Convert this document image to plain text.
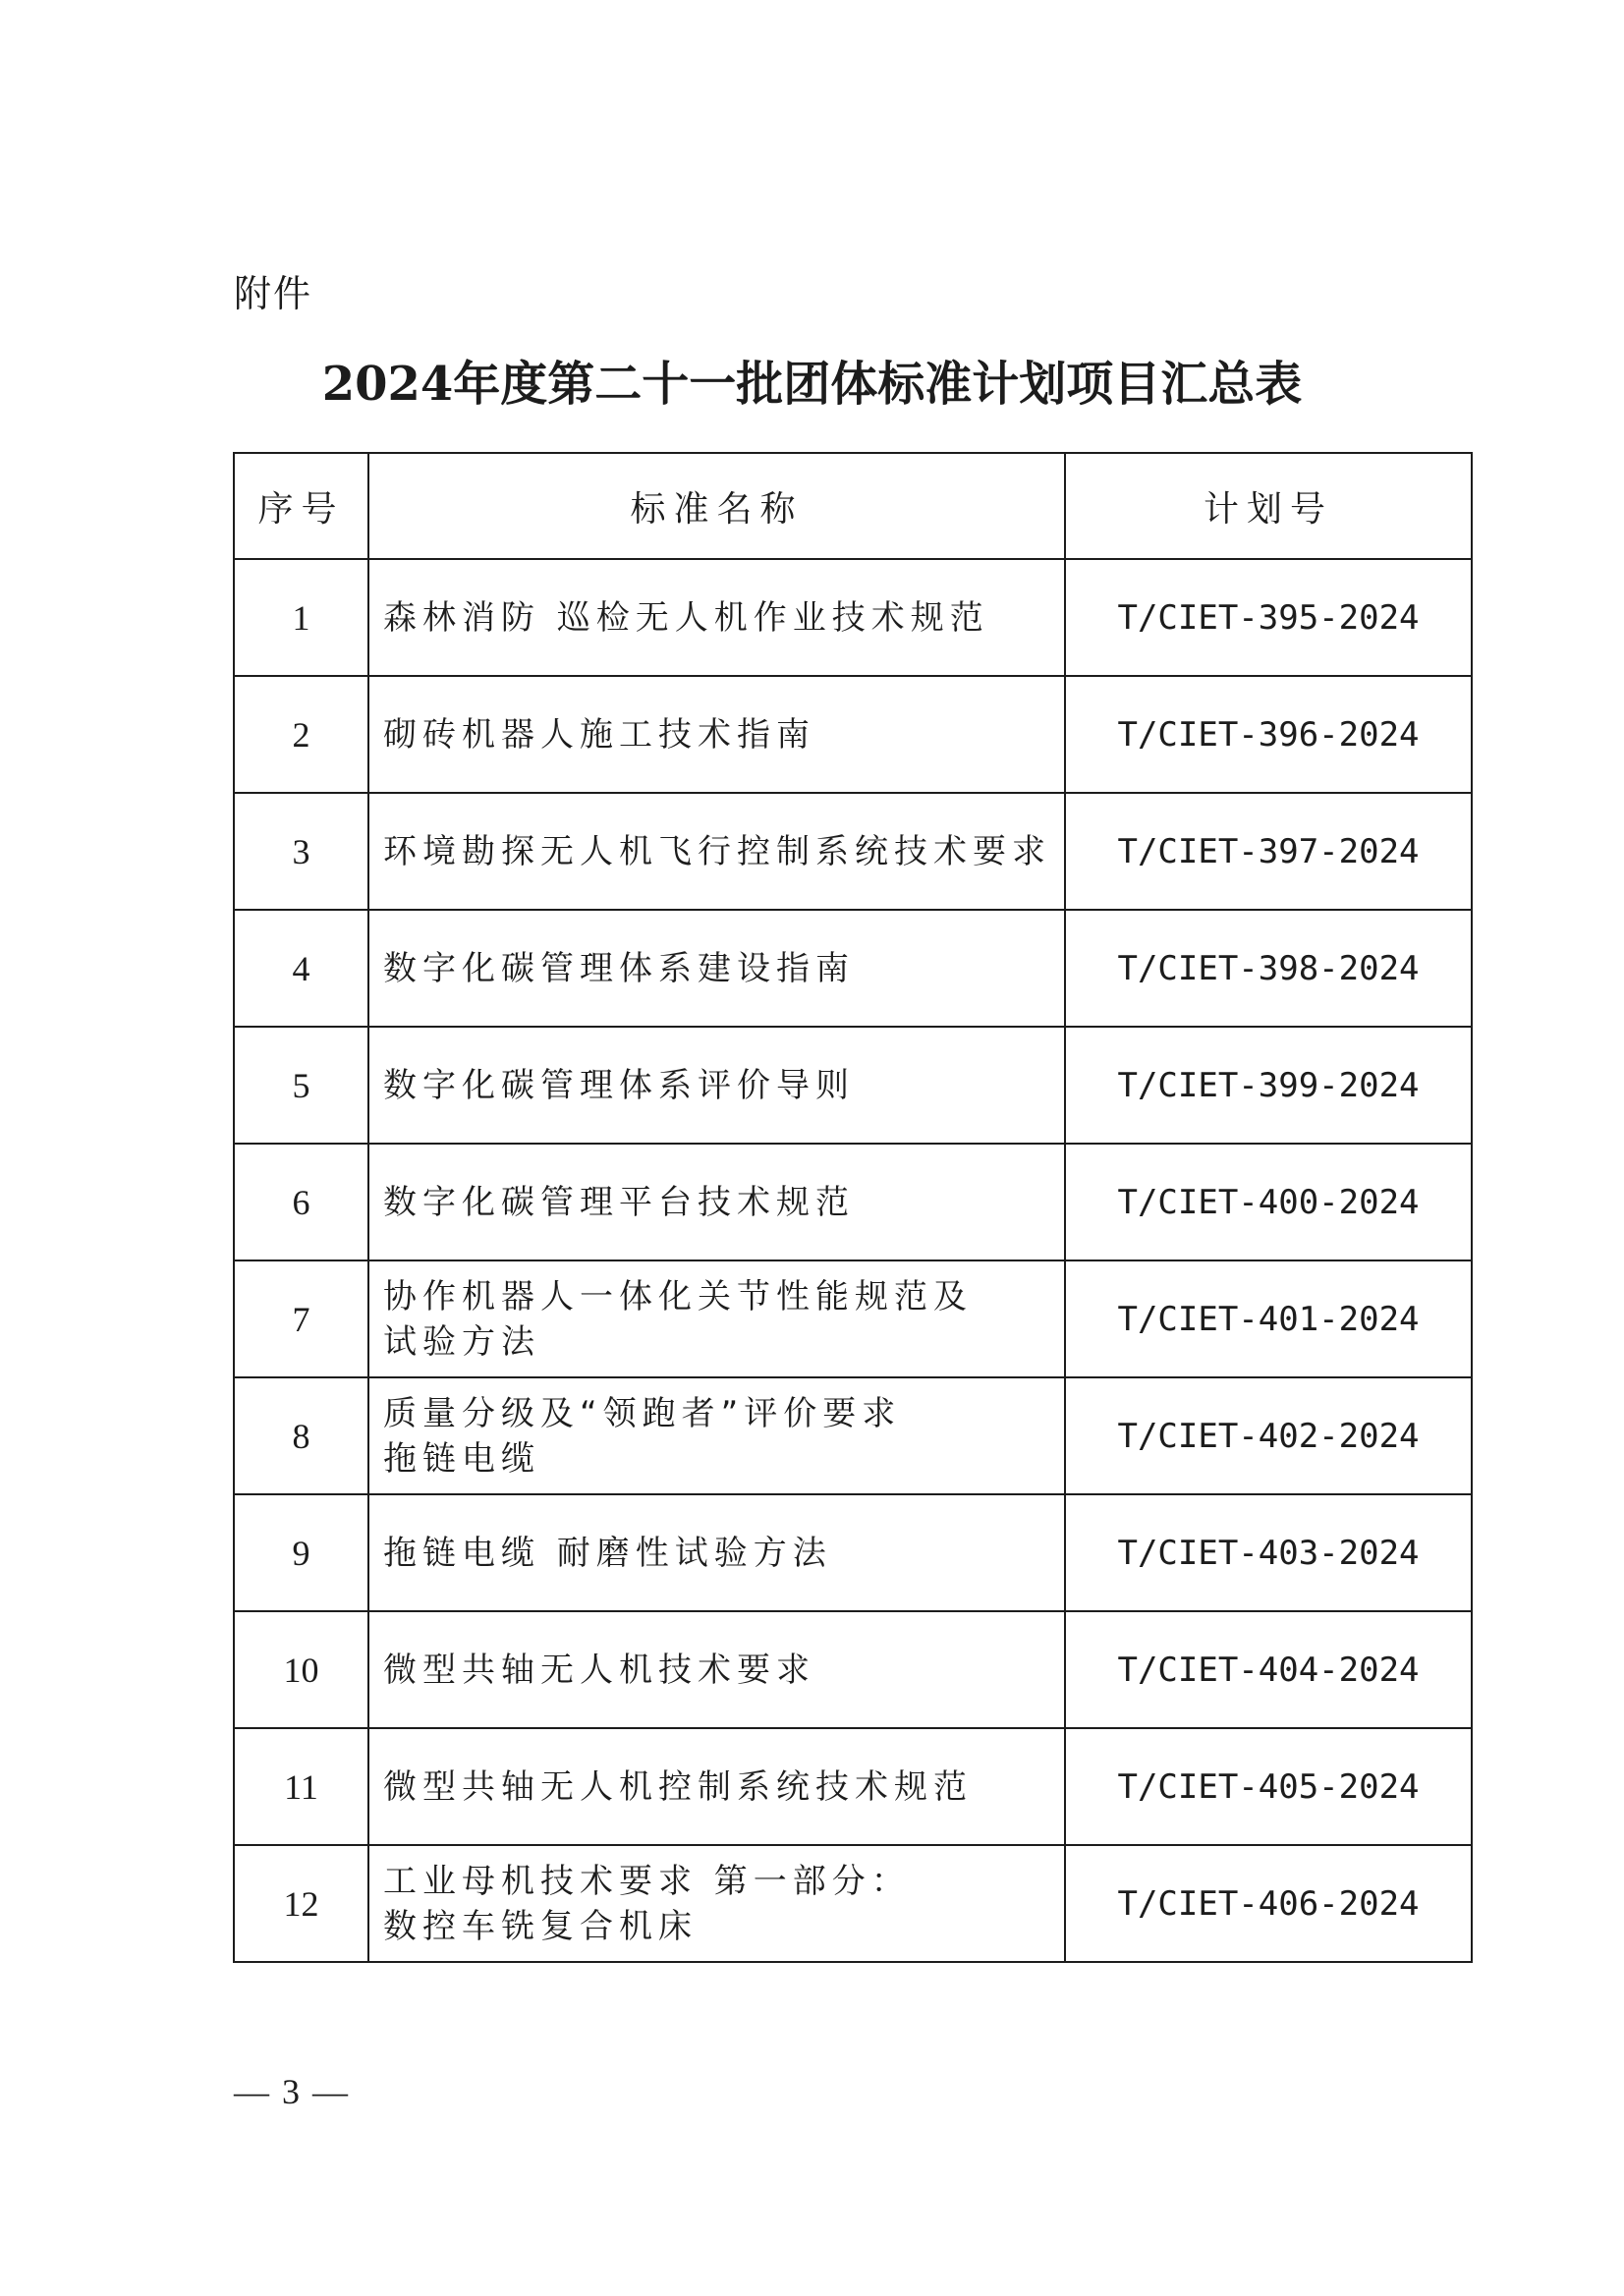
附件
2024年度第二十一批团体标准计划项目汇总表
序号	标准名称	计划号
1	森林消防 巡检无人机作业技术规范	T/CIET-395-2024
2	砌砖机器人施工技术指南	T/CIET-396-2024
3	环境勘探无人机飞行控制系统技术要求	T/CIET-397-2024
4	数字化碳管理体系建设指南	T/CIET-398-2024
5	数字化碳管理体系评价导则	T/CIET-399-2024
6	数字化碳管理平台技术规范	T/CIET-400-2024
7	协作机器人一体化关节性能规范及
试验方法	T/CIET-401-2024
8	质量分级及“领跑者”评价要求
拖链电缆	T/CIET-402-2024
9	拖链电缆 耐磨性试验方法	T/CIET-403-2024
10	微型共轴无人机技术要求	T/CIET-404-2024
11	微型共轴无人机控制系统技术规范	T/CIET-405-2024
12	工业母机技术要求 第一部分：
数控车铣复合机床	T/CIET-406-2024
— 3 —
